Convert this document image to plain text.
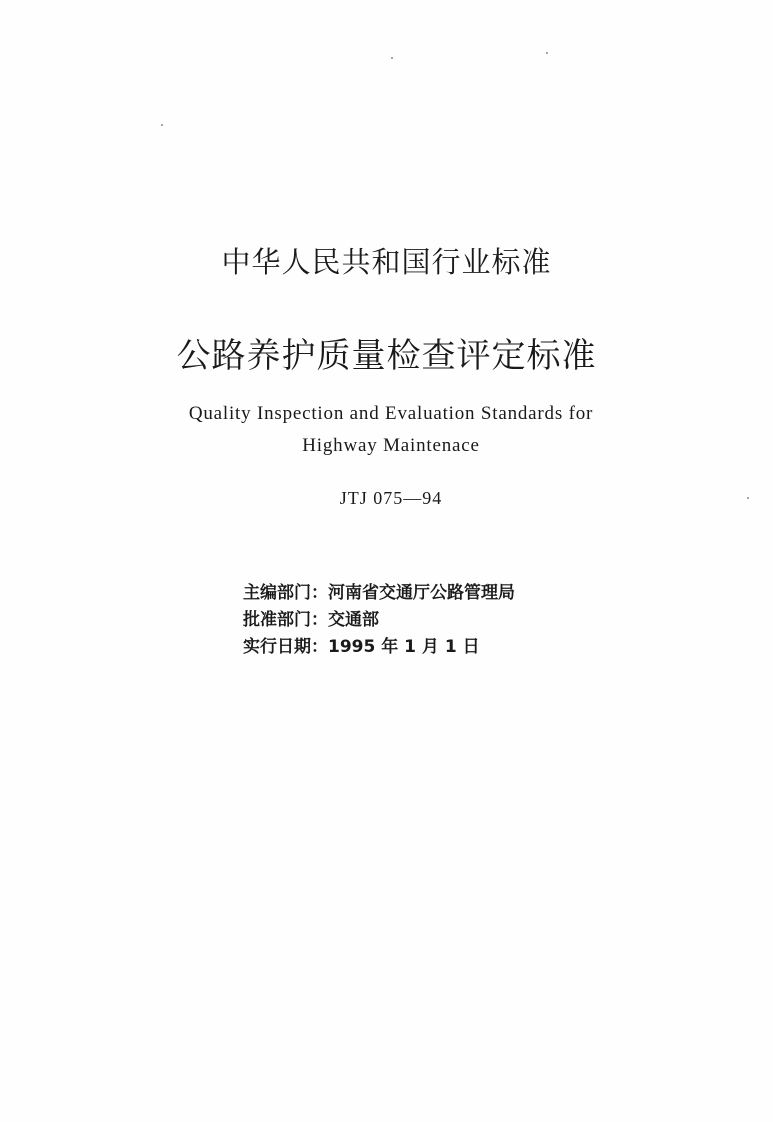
中华人民共和国行业标准
公路养护质量检查评定标准
Quality Inspection and Evaluation Standards for
Highway Maintenace
JTJ 075—94
主编部门：河南省交通厅公路管理局
批准部门：交通部
实行日期：1995 年 1 月 1 日
